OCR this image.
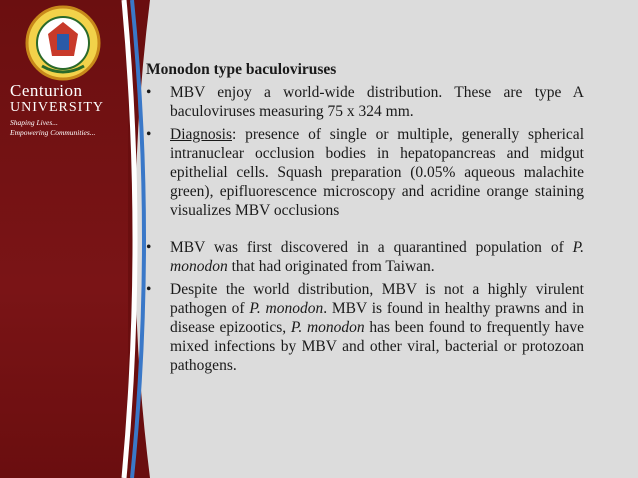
Centurion
UNIVERSITY
Shaping Lives...
Empowering Communities...
Monodon type baculoviruses
• MBV enjoy a world-wide distribution. These are type A baculoviruses measuring 75 x 324 mm.
• Diagnosis: presence of single or multiple, generally spherical intranuclear occlusion bodies in hepatopancreas and midgut epithelial cells. Squash preparation (0.05% aqueous malachite green), epifluorescence microscopy and acridine orange staining visualizes MBV occlusions
• MBV was first discovered in a quarantined population of P. monodon that had originated from Taiwan.
• Despite the world distribution, MBV is not a highly virulent pathogen of P. monodon. MBV is found in healthy prawns and in disease epizootics, P. monodon has been found to frequently have mixed infections by MBV and other viral, bacterial or protozoan pathogens.
